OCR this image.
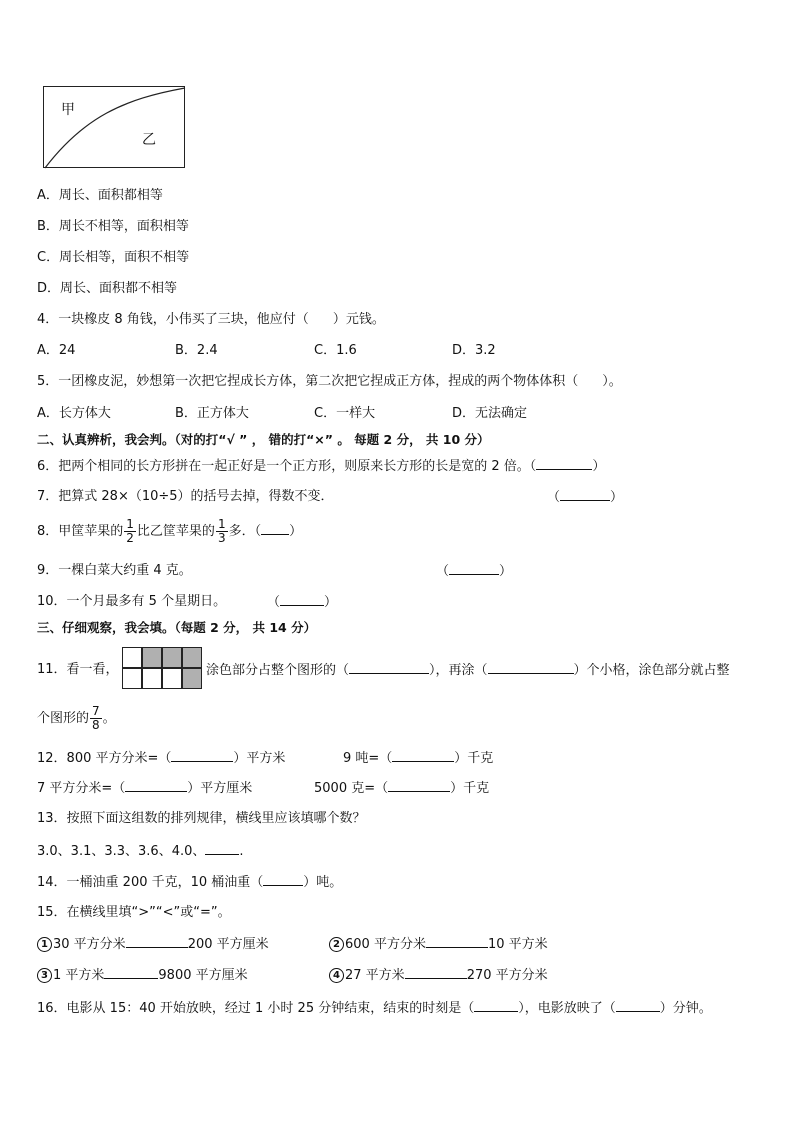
甲
乙
A．周长、面积都相等
B．周长不相等，面积相等
C．周长相等，面积不相等
D．周长、面积都不相等
4．一块橡皮 8 角钱，小伟买了三块，他应付（ ）元钱。
A．24	B．2.4	C．1.6	D．3.2
5．一团橡皮泥，妙想第一次把它捏成长方体，第二次把它捏成正方体，捏成的两个物体体积（ ）。
A．长方体大	B．正方体大	C．一样大	D．无法确定
二、认真辨析，我会判。（对的打“√ ” ， 错的打“×” 。 每题 2 分， 共 10 分）
6．把两个相同的长方形拼在一起正好是一个正方形，则原来长方形的长是宽的 2 倍。（	）
7．把算式 28×（10÷5）的括号去掉，得数不变．	（	）
8．甲筐苹果的 $\frac{1}{2}$ 比乙筐苹果的 $\frac{1}{3}$ 多．（ ）
9．一棵白菜大约重 4 克。	（	）
10．一个月最多有 5 个星期日。	（	）
三、仔细观察，我会填。（每题 2 分， 共 14 分）
11．看一看，	涂色部分占整个图形的（	），再涂（	）个小格，涂色部分就占整
个图形的 $\frac{7}{8}$ 。
12．800 平方分米=（	）平方米	9 吨=（	）千克
7 平方分米=（	）平方厘米	5000 克=（	）千克
13．按照下面这组数的排列规律，横线里应该填哪个数？
3.0、3.1、3.3、3.6、4.0、	.
14．一桶油重 200 千克，10 桶油重（	）吨。
15．在横线里填“>”“<”或“=”。
1 30 平方分米	200 平方厘米	2 600 平方分米	10 平方米
3 1 平方米	9800 平方厘米	4 27 平方米	270 平方分米
16．电影从 15：40 开始放映，经过 1 小时 25 分钟结束，结束的时刻是（	），电影放映了（	）分钟。
